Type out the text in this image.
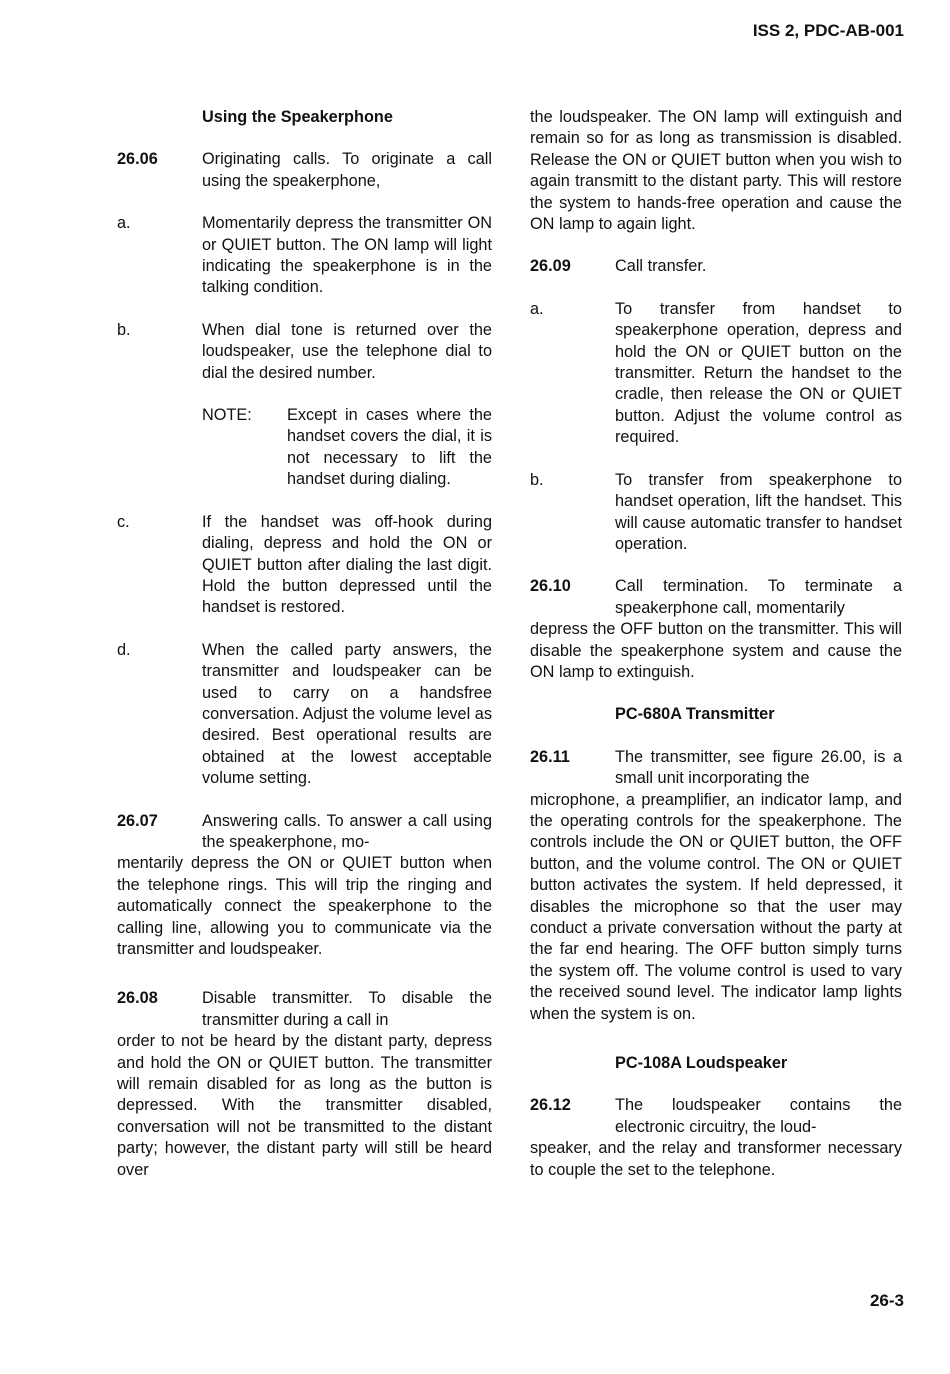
ISS 2, PDC-AB-001
Using the Speakerphone
26.06	Originating calls. To originate a call using the speakerphone,
a.	Momentarily depress the transmitter ON or QUIET button. The ON lamp will light indicating the speakerphone is in the talking condition.
b.	When dial tone is returned over the loudspeaker, use the telephone dial to dial the desired number.
NOTE: Except in cases where the handset covers the dial, it is not necessary to lift the handset during dialing.
c.	If the handset was off-hook during dialing, depress and hold the ON or QUIET button after dialing the last digit. Hold the button depressed until the handset is restored.
d.	When the called party answers, the transmitter and loudspeaker can be used to carry on a handsfree conversation. Adjust the volume level as desired. Best operational results are obtained at the lowest acceptable volume setting.
26.07	Answering calls. To answer a call using the speakerphone, mo-
mentarily depress the ON or QUIET button when the telephone rings. This will trip the ringing and automatically connect the speakerphone to the calling line, allowing you to communicate via the transmitter and loudspeaker.
26.08	Disable transmitter. To disable the transmitter during a call in
order to not be heard by the distant party, depress and hold the ON or QUIET button. The transmitter will remain disabled for as long as the button is depressed. With the transmitter disabled, conversation will not be transmitted to the distant party; however, the distant party will still be heard over
the loudspeaker. The ON lamp will extinguish and remain so for as long as transmission is disabled. Release the ON or QUIET button when you wish to again transmitt to the distant party. This will restore the system to hands-free operation and cause the ON lamp to again light.
26.09	Call transfer.
a.	To transfer from handset to speakerphone operation, depress and hold the ON or QUIET button on the transmitter. Return the handset to the cradle, then release the ON or QUIET button. Adjust the volume control as required.
b.	To transfer from speakerphone to handset operation, lift the handset. This will cause automatic transfer to handset operation.
26.10	Call termination. To terminate a speakerphone call, momentarily
depress the OFF button on the transmitter. This will disable the speakerphone system and cause the ON lamp to extinguish.
PC-680A Transmitter
26.11	The transmitter, see figure 26.00, is a small unit incorporating the
microphone, a preamplifier, an indicator lamp, and the operating controls for the speakerphone. The controls include the ON or QUIET button, the OFF button, and the volume control. The ON or QUIET button activates the system. If held depressed, it disables the microphone so that the user may conduct a private conversation without the party at the far end hearing. The OFF button simply turns the system off. The volume control is used to vary the received sound level. The indicator lamp lights when the system is on.
PC-108A Loudspeaker
26.12	The loudspeaker contains the electronic circuitry, the loud-
speaker, and the relay and transformer necessary to couple the set to the telephone.
26-3
